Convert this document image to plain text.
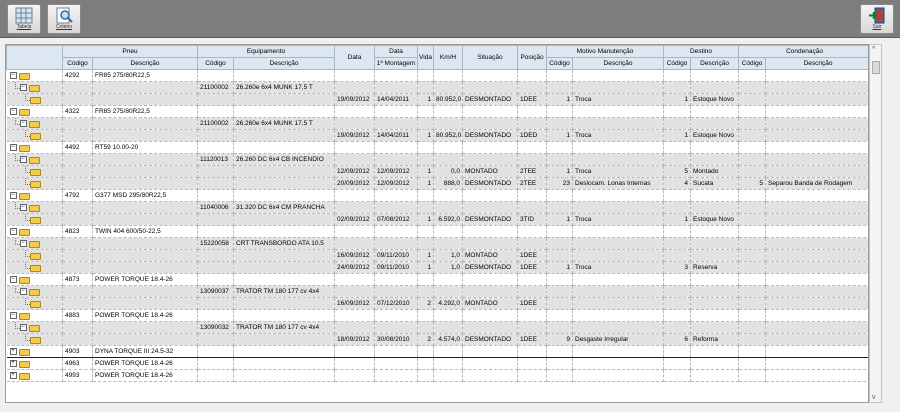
Tabela	Critério	Sair
	Pneu		Equipamento		Data	Data	Vida	Km/H	Situação	Posição	Motivo Manutenção		Destino		Condenação	
	Código	Descrição	Código	Descrição		1ª Montagem					Código	Descrição	Código	Descrição	Código	Descrição

−	4292	FR85 275/80R22,5														

−			21100002	26.260e 6x4 MUNK 17,5 T												

					19/09/2012	14/04/2011	1	80.952,0	DESMONTADO	1DEE	1	Troca	1	Estoque Novo		

−	4322	FR85 275/80R22,5														

−			21100002	26.260e 6x4 MUNK 17,5 T												

					19/09/2012	14/04/2011	1	80.952,0	DESMONTADO	1DED	1	Troca	1	Estoque Novo		

−	4492	RT59 10.00-20														

−			11120013	26.260 DC 6x4 CB INCENDIO												

					12/09/2012	12/09/2012	1	0,0	MONTADO	2TEE	1	Troca	5	Montado		

					20/09/2012	12/09/2012	1	888,0	DESMONTADO	2TEE	23	Deslocam. Lonas Internas	4	Sucata	5	Separou Banda de Rodagem

−	4792	G377 MSD 295/80R22,5														

−			11040006	31.320 DC 6x4 CM PRANCHA												

					02/09/2012	07/08/2012	1	6.592,0	DESMONTADO	3TID	1	Troca	1	Estoque Novo		

−	4823	TWIN 404 600/50-22,5														

−			15220058	CRT TRANSBORDO ATA 10.5												

					16/09/2012	09/11/2010	1	1,0	MONTADO	1DEE						

					24/09/2012	09/11/2010	1	1,0	DESMONTADO	1DEE	1	Troca	3	Reserva		

−	4873	POWER TORQUE 18.4-26														

−			13090037	TRATOR TM 180 177 cv 4x4												

					16/09/2012	07/12/2010	2	4.292,0	MONTADO	1DEE						

−	4883	POWER TORQUE 18.4-26														

−			13090032	TRATOR TM 180 177 cv 4x4												

					18/09/2012	30/08/2010	2	4.574,0	DESMONTADO	1DEE	9	Desgaste Irregular	6	Reforma		

+	4903	DYNA TORQUE III 24.5-32														

+	4963	POWER TORQUE 18.4-26														

+	4993	POWER TORQUE 18.4-26														
^
v
